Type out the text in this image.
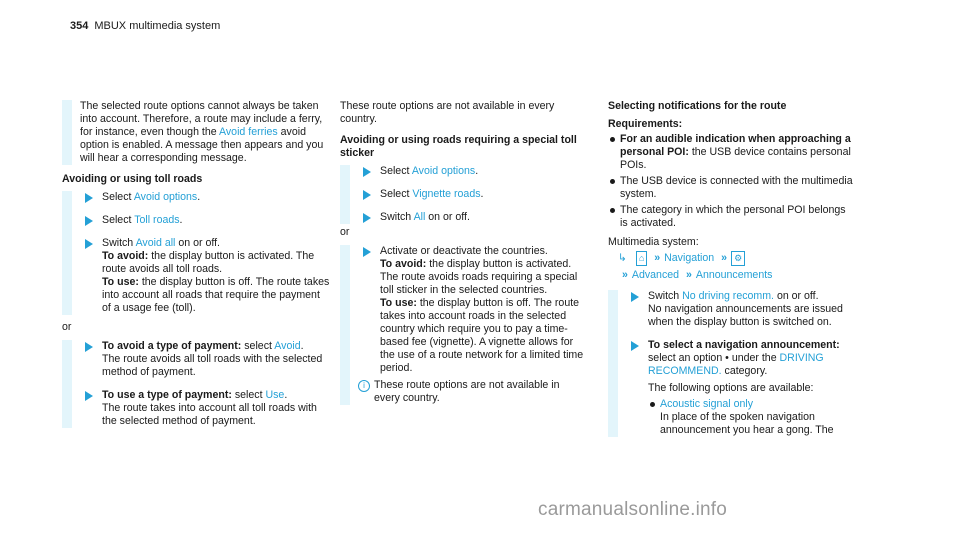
354 MBUX multimedia system
The selected route options cannot always be taken into account. Therefore, a route may include a ferry, for instance, even though the Avoid ferries avoid option is enabled. A message then appears and you will hear a corresponding message.
Avoiding or using toll roads
Select Avoid options.
Select Toll roads.
Switch Avoid all on or off.
To avoid: the display button is activated. The route avoids all toll roads.
To use: the display button is off. The route takes into account all roads that require the payment of a usage fee (toll).
or
To avoid a type of payment: select Avoid.
The route avoids all toll roads with the selected method of payment.
To use a type of payment: select Use.
The route takes into account all toll roads with the selected method of payment.
These route options are not available in every country.
Avoiding or using roads requiring a special toll sticker
Select Avoid options.
Select Vignette roads.
Switch All on or off.
or
Activate or deactivate the countries.
To avoid: the display button is activated. The route avoids roads requiring a special toll sticker in the selected countries.
To use: the display button is off. The route takes into account roads in the selected country which require you to pay a time-based fee (vignette). A vignette allows for the use of a route network for a limited time period.
i These route options are not available in every country.
Selecting notifications for the route
Requirements:
For an audible indication when approaching a personal POI: the USB device contains personal POIs.
The USB device is connected with the multimedia system.
The category in which the personal POI belongs is activated.
Multimedia system:
↳ ⌂ » Navigation » ⚙
» Advanced » Announcements
Switch No driving recomm. on or off.
No navigation announcements are issued when the display button is switched on.
To select a navigation announcement: select an option • under the DRIVING RECOMMEND. category.
The following options are available:
Acoustic signal only
In place of the spoken navigation announcement you hear a gong. The
carmanualsonline.info
